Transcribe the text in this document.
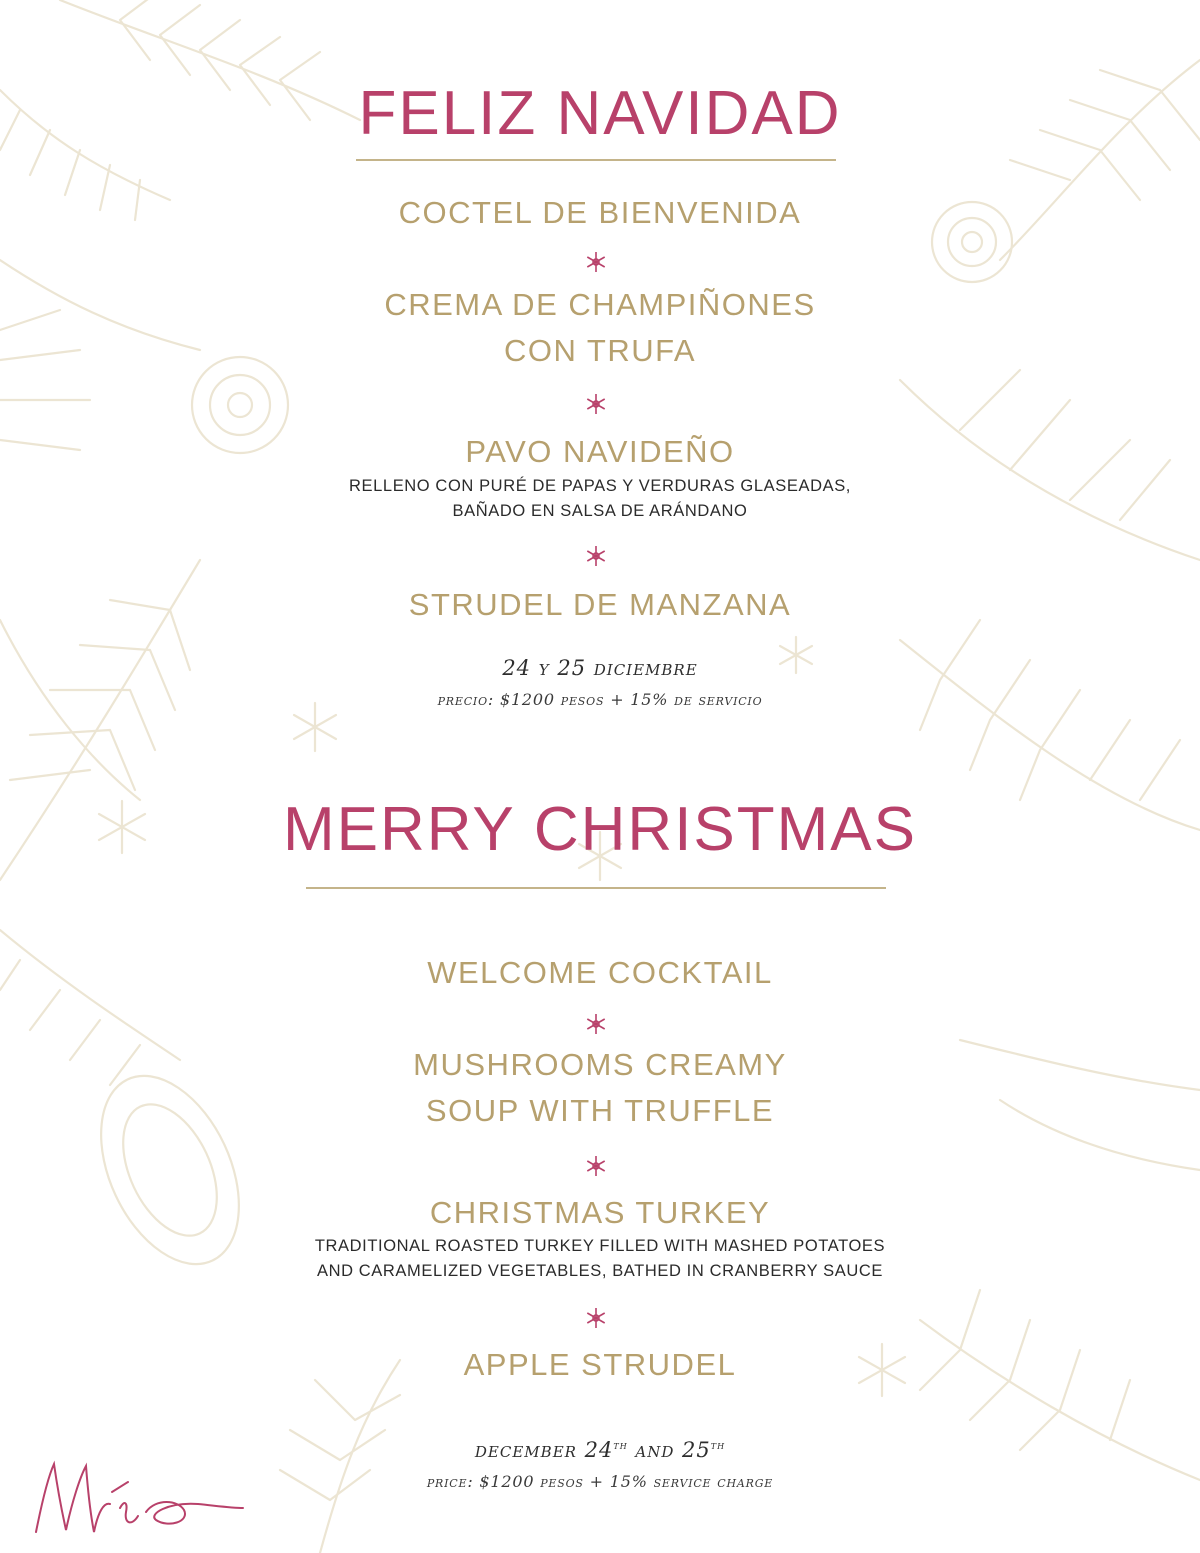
FELIZ NAVIDAD
COCTEL DE BIENVENIDA
CREMA DE CHAMPIÑONES
CON TRUFA
PAVO NAVIDEÑO
RELLENO CON PURÉ DE PAPAS Y VERDURAS GLASEADAS,
BAÑADO EN SALSA DE ARÁNDANO
STRUDEL DE MANZANA
24 y 25 diciembre
precio: $1200 pesos + 15% de servicio
MERRY CHRISTMAS
WELCOME COCKTAIL
MUSHROOMS CREAMY
SOUP WITH TRUFFLE
CHRISTMAS TURKEY
TRADITIONAL ROASTED TURKEY FILLED WITH MASHED POTATOES
AND CARAMELIZED VEGETABLES, BATHED IN CRANBERRY SAUCE
APPLE STRUDEL
december 24th and 25th
price: $1200 pesos + 15% service charge
